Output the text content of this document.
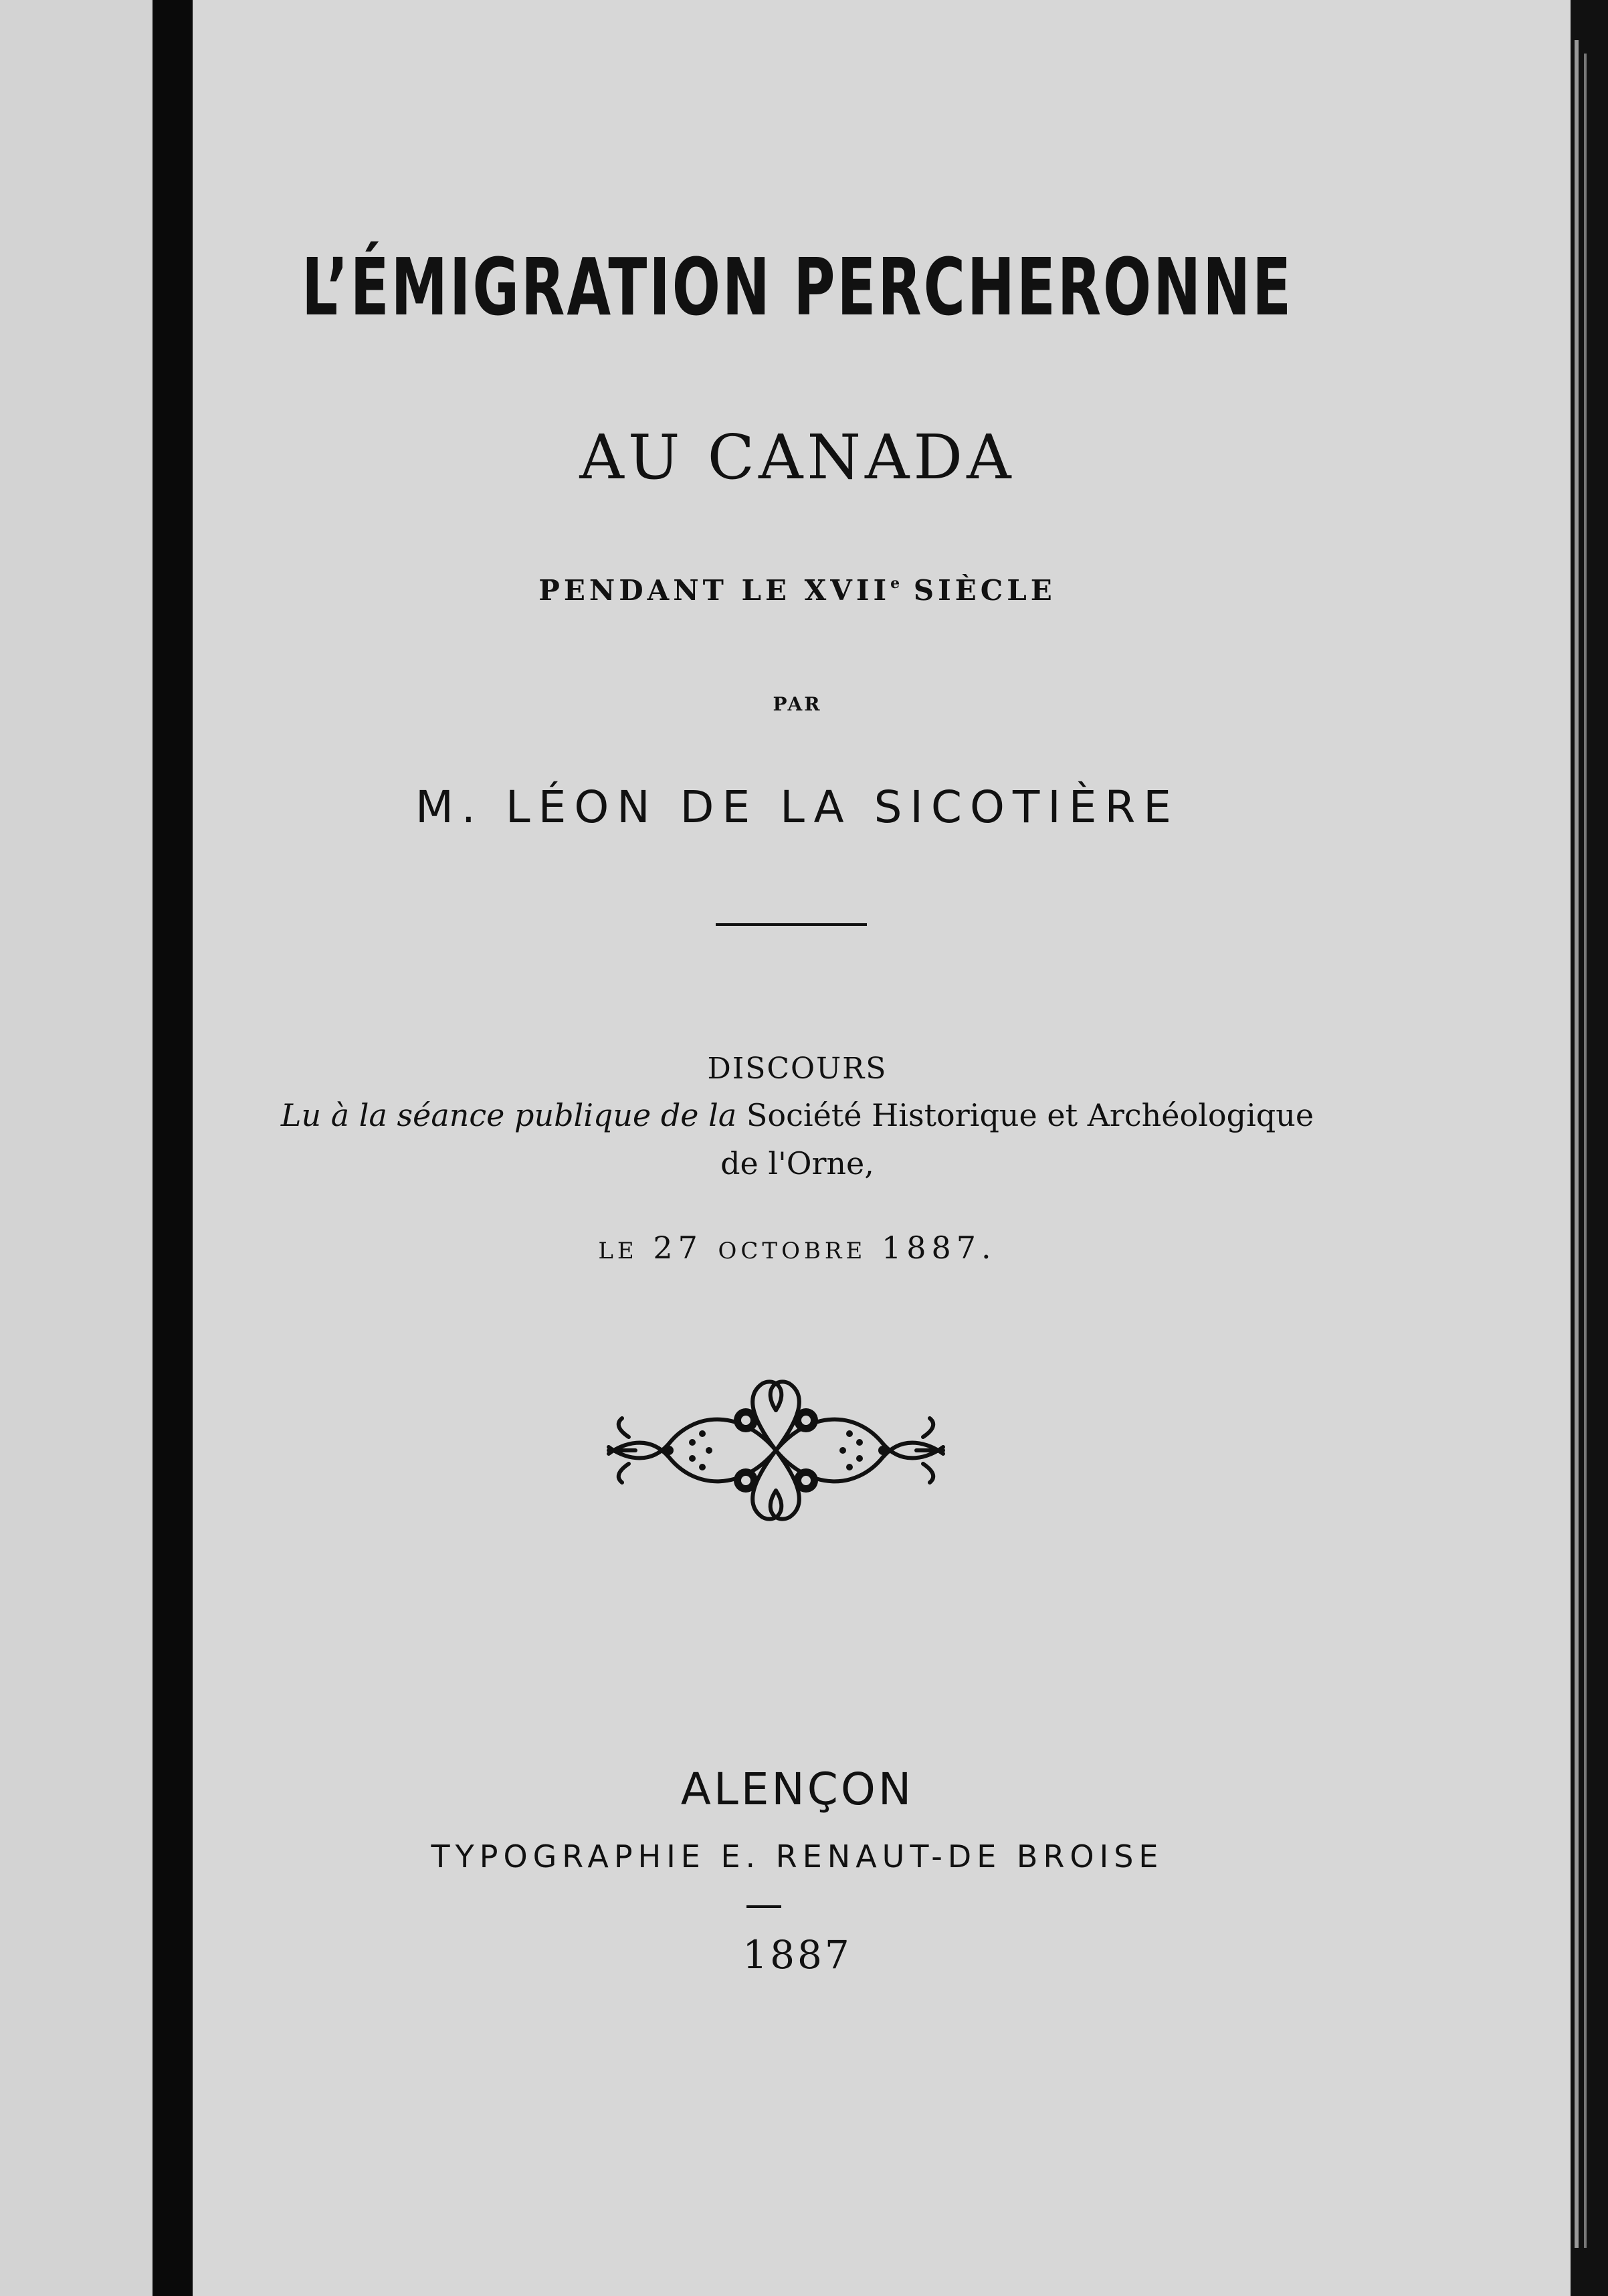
L’ÉMIGRATION PERCHERONNE
AU CANADA
PENDANT LE XVIIe SIÈCLE
PAR
M. LÉON DE LA SICOTIÈRE
DISCOURS
Lu à la séance publique de la Société Historique et Archéologique
de l'Orne,
LE 27 OCTOBRE 1887.
ALENÇON
TYPOGRAPHIE E. RENAUT-DE BROISE
1887
